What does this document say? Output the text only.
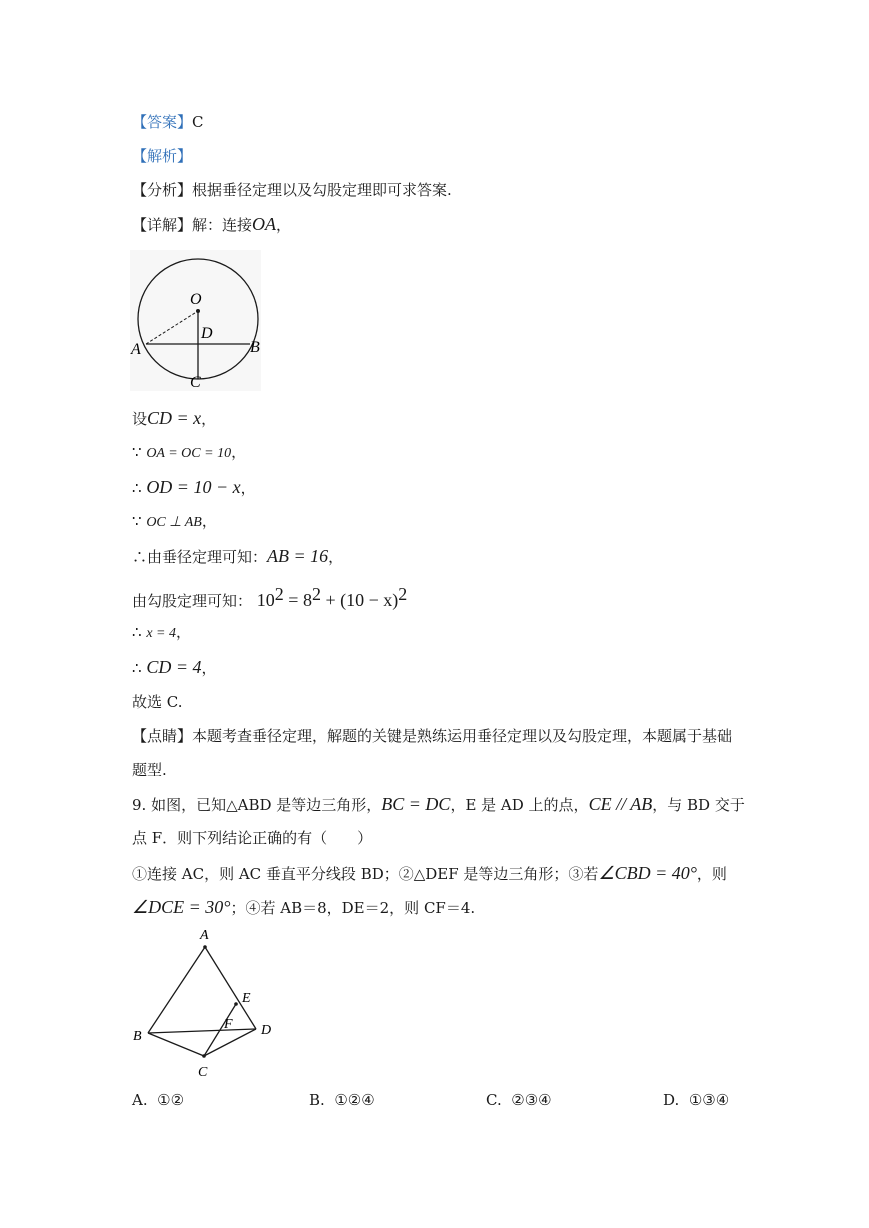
【答案】C
【解析】
【分析】根据垂径定理以及勾股定理即可求答案.
【详解】解：连接OA，
O
D
A	B
C
设CD = x，
∵ OA = OC = 10，
∴ OD = 10 − x，
∵ OC ⊥ AB，
∴由垂径定理可知：AB = 16，
由勾股定理可知： $10^2 = 8^2 + (10 - x)^2$
∴ x = 4，
∴ CD = 4，
故选 C.
【点睛】本题考查垂径定理，解题的关键是熟练运用垂径定理以及勾股定理，本题属于基础
题型.
9. 如图，已知△ABD 是等边三角形，BC = DC，E 是 AD 上的点，CE // AB，与 BD 交于
点 F．则下列结论正确的有（　　）
①连接 AC，则 AC 垂直平分线段 BD；②△DEF 是等边三角形；③若∠CBD = 40°，则
∠DCE = 30°；④若 AB＝8，DE＝2，则 CF＝4.
A
B
C
D
E
F
A. ①②	B. ①②④	C. ②③④	D. ①③④
